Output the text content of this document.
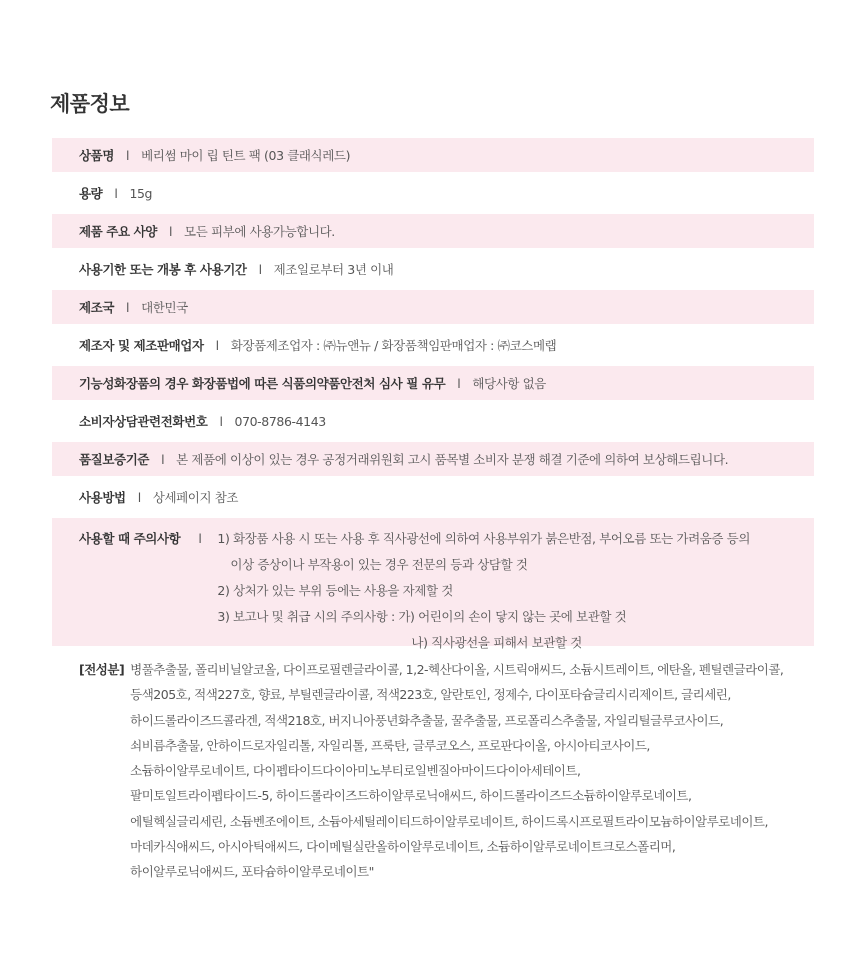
제품정보
상품명 l 베리썸 마이 립 틴트 팩 (03 클래식레드)
용량 l 15g
제품 주요 사양 l 모든 피부에 사용가능합니다.
사용기한 또는 개봉 후 사용기간 l 제조일로부터 3년 이내
제조국 l 대한민국
제조자 및 제조판매업자 l 화장품제조업자 : ㈜뉴앤뉴 / 화장품책임판매업자 : ㈜코스메랩
기능성화장품의 경우 화장품법에 따른 식품의약품안전처 심사 필 유무 l 해당사항 없음
소비자상담관련전화번호 l 070-8786-4143
품질보증기준 l 본 제품에 이상이 있는 경우 공정거래위원회 고시 품목별 소비자 분쟁 해결 기준에 의하여 보상해드립니다.
사용방법 l 상세페이지 참조
사용할 때 주의사항 l 1) 화장품 사용 시 또는 사용 후 직사광선에 의하여 사용부위가 붉은반점, 부어오름 또는 가려움증 등의
이상 증상이나 부작용이 있는 경우 전문의 등과 상담할 것
2) 상처가 있는 부위 등에는 사용을 자제할 것
3) 보고나 및 취급 시의 주의사항 : 가) 어린이의 손이 닿지 않는 곳에 보관할 것
나) 직사광선을 피해서 보관할 것
[전성분] 병풀추출물, 폴리비닐알코올, 다이프로필렌글라이콜, 1,2-헥산다이올, 시트릭애씨드, 소듐시트레이트, 에탄올, 펜틸렌글라이콜,
등색205호, 적색227호, 향료, 부틸렌글라이콜, 적색223호, 알란토인, 정제수, 다이포타슘글리시리제이트, 글리세린,
하이드롤라이즈드콜라겐, 적색218호, 버지니아풍년화추출물, 꿀추출물, 프로폴리스추출물, 자일리틸글루코사이드,
쇠비름추출물, 안하이드로자일리톨, 자일리톨, 프룩탄, 글루코오스, 프로판다이올, 아시아티코사이드,
소듐하이알루로네이트, 다이펩타이드다이아미노부티로일벤질아마이드다이아세테이트,
팔미토일트라이펩타이드-5, 하이드롤라이즈드하이알루로닉애씨드, 하이드롤라이즈드소듐하이알루로네이트,
에틸헥실글리세린, 소듐벤조에이트, 소듐아세틸레이티드하이알루로네이트, 하이드록시프로필트라이모늄하이알루로네이트,
마데카식애씨드, 아시아틱애씨드, 다이메틸실란올하이알루로네이트, 소듐하이알루로네이트크로스폴리머,
하이알루로닉애씨드, 포타슘하이알루로네이트"
